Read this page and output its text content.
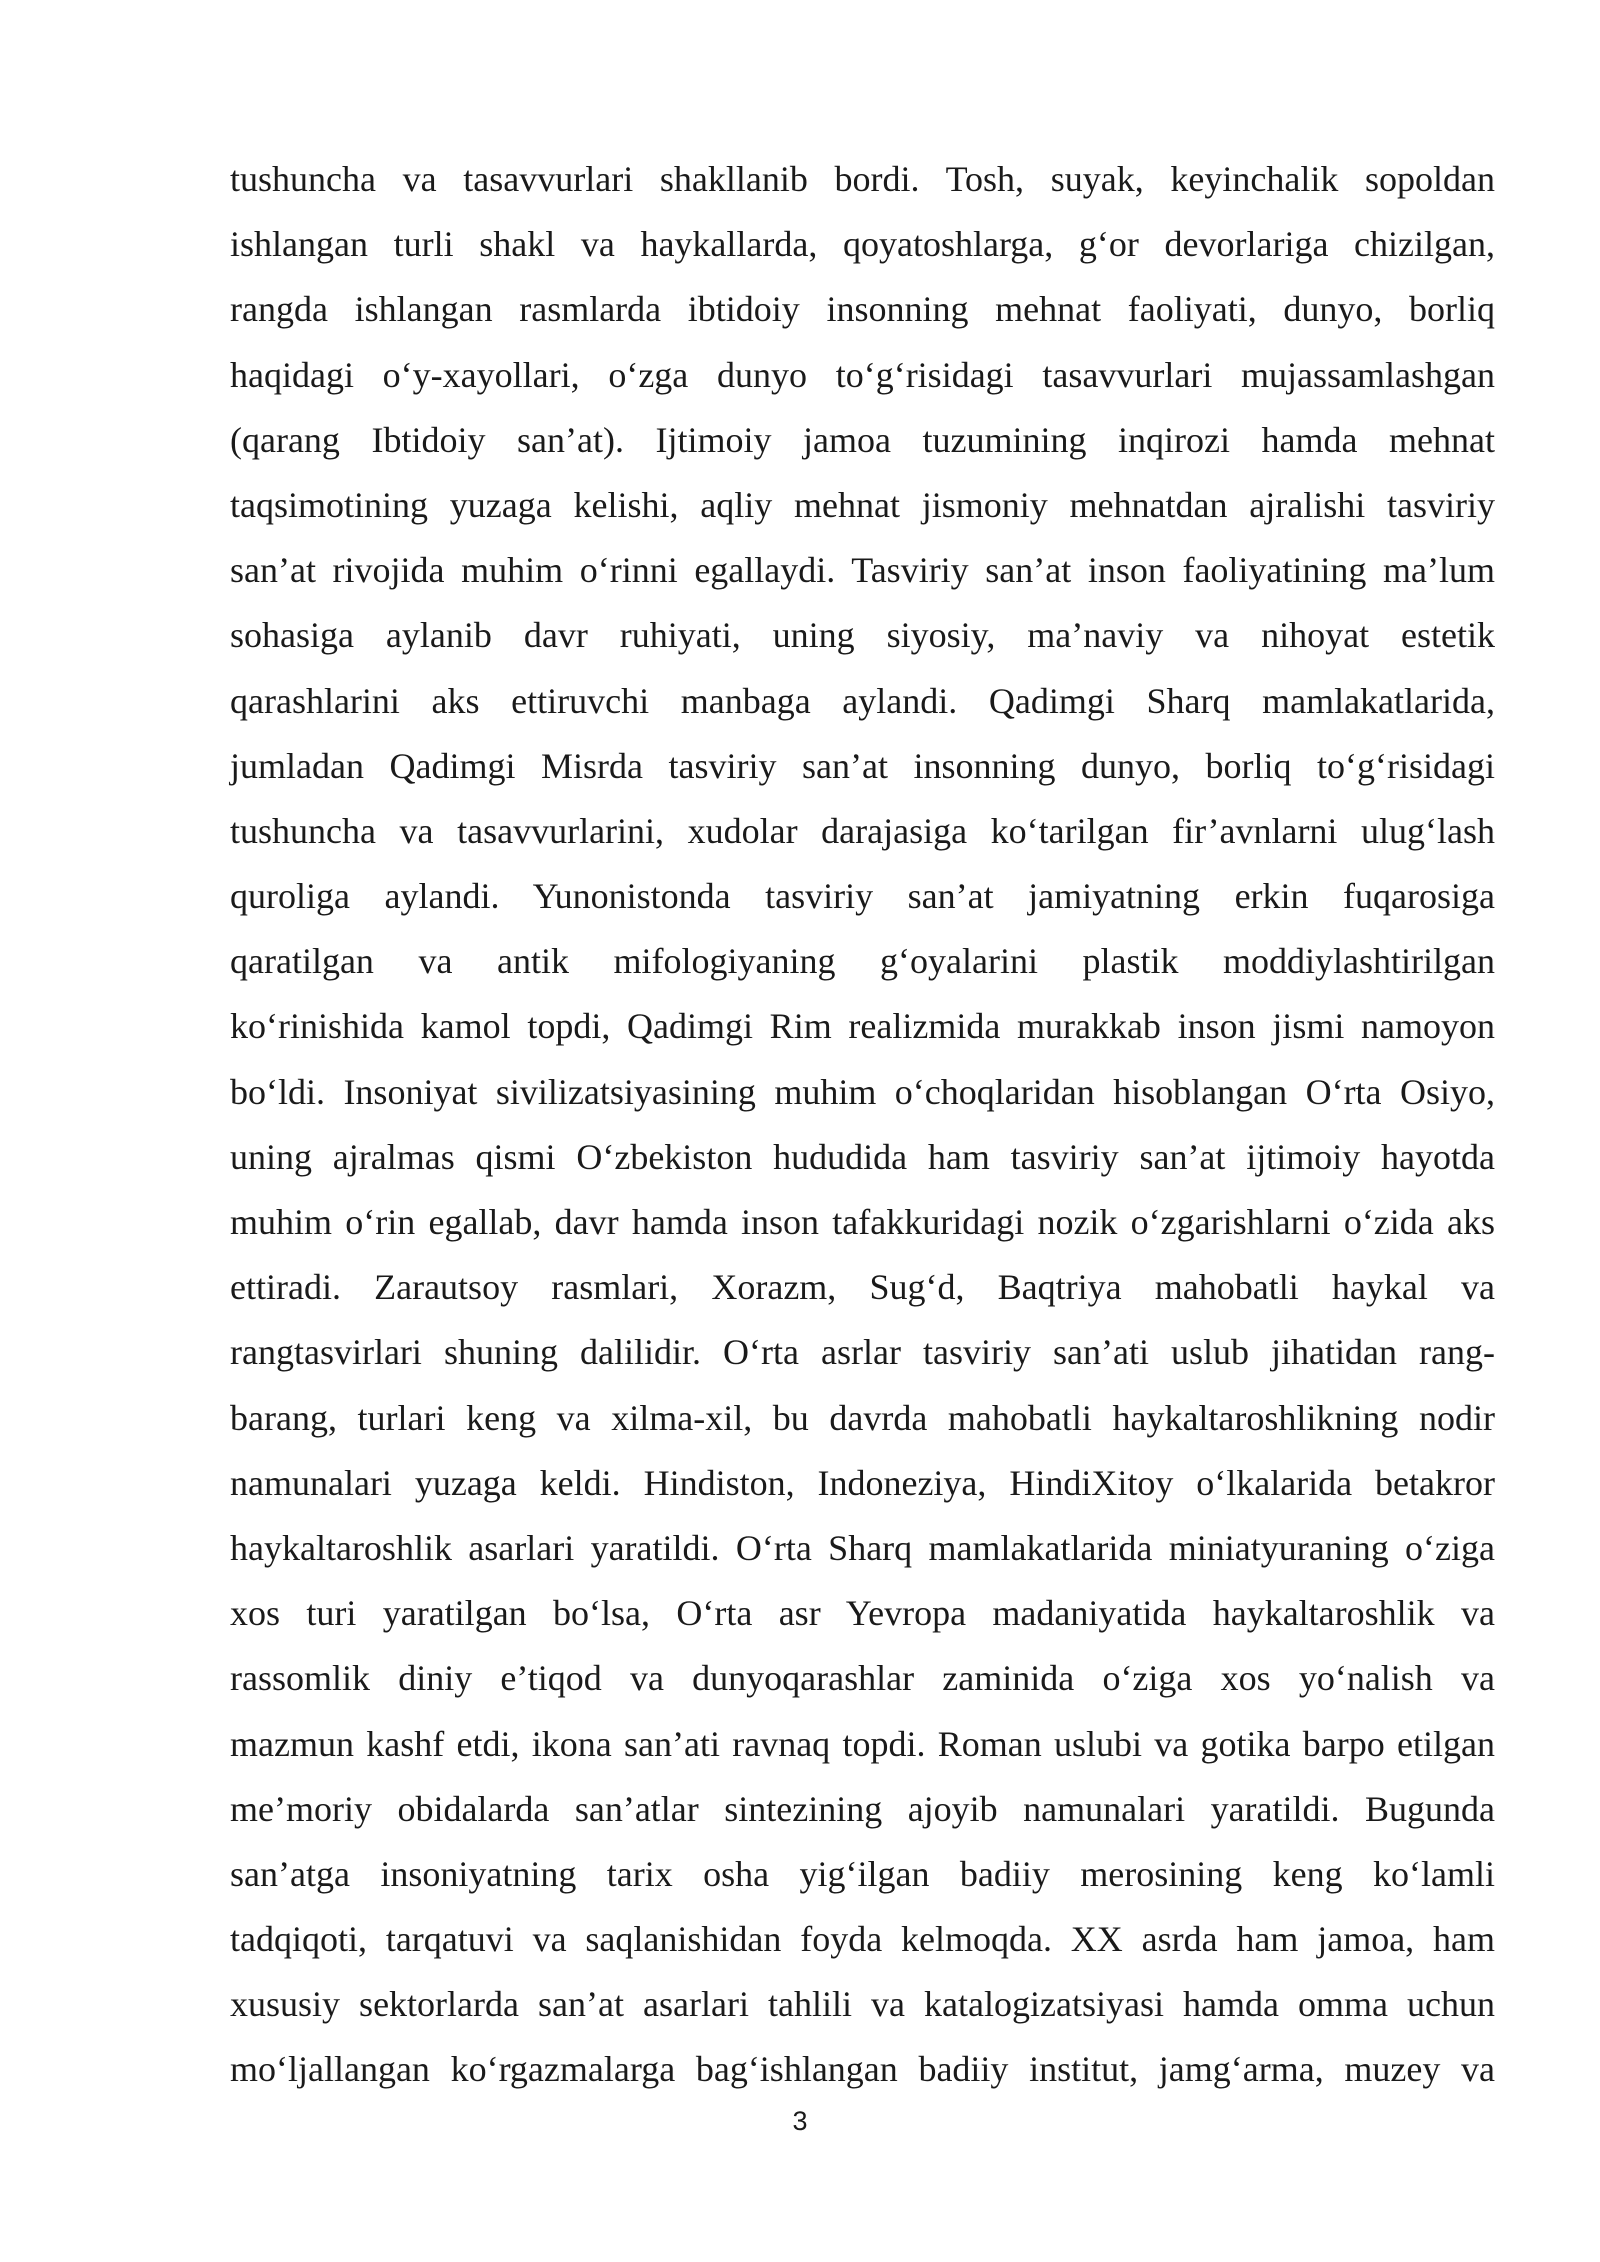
tushuncha va tasavvurlari shakllanib bordi. Tosh, suyak, keyinchalik sopoldan
ishlangan turli shakl va haykallarda, qoyatoshlarga, g‘or devorlariga chizilgan,
rangda ishlangan rasmlarda ibtidoiy insonning mehnat faoliyati, dunyo, borliq
haqidagi o‘y-xayollari, o‘zga dunyo to‘g‘risidagi tasavvurlari mujassamlashgan
(qarang Ibtidoiy san’at). Ijtimoiy jamoa tuzumining inqirozi hamda mehnat
taqsimotining yuzaga kelishi, aqliy mehnat jismoniy mehnatdan ajralishi tasviriy
san’at rivojida muhim o‘rinni egallaydi. Tasviriy san’at inson faoliyatining ma’lum
sohasiga aylanib davr ruhiyati, uning siyosiy, ma’naviy va nihoyat estetik
qarashlarini aks ettiruvchi manbaga aylandi. Qadimgi Sharq mamlakatlarida,
jumladan Qadimgi Misrda tasviriy san’at insonning dunyo, borliq to‘g‘risidagi
tushuncha va tasavvurlarini, xudolar darajasiga ko‘tarilgan fir’avnlarni ulug‘lash
quroliga aylandi. Yunonistonda tasviriy san’at jamiyatning erkin fuqarosiga
qaratilgan va antik mifologiyaning g‘oyalarini plastik moddiylashtirilgan
ko‘rinishida kamol topdi, Qadimgi Rim realizmida murakkab inson jismi namoyon
bo‘ldi. Insoniyat sivilizatsiyasining muhim o‘choqlaridan hisoblangan O‘rta Osiyo,
uning ajralmas qismi O‘zbekiston hududida ham tasviriy san’at ijtimoiy hayotda
muhim o‘rin egallab, davr hamda inson tafakkuridagi nozik o‘zgarishlarni o‘zida aks
ettiradi. Zarautsoy rasmlari, Xorazm, Sug‘d, Baqtriya mahobatli haykal va
rangtasvirlari shuning dalilidir. O‘rta asrlar tasviriy san’ati uslub jihatidan rang-
barang, turlari keng va xilma-xil, bu davrda mahobatli haykaltaroshlikning nodir
namunalari yuzaga keldi. Hindiston, Indoneziya, HindiXitoy o‘lkalarida betakror
haykaltaroshlik asarlari yaratildi. O‘rta Sharq mamlakatlarida miniatyuraning o‘ziga
xos turi yaratilgan bo‘lsa, O‘rta asr Yevropa madaniyatida haykaltaroshlik va
rassomlik diniy e’tiqod va dunyoqarashlar zaminida o‘ziga xos yo‘nalish va
mazmun kashf etdi, ikona san’ati ravnaq topdi. Roman uslubi va gotika barpo etilgan
me’moriy obidalarda san’atlar sintezining ajoyib namunalari yaratildi. Bugunda
san’atga insoniyatning tarix osha yig‘ilgan badiiy merosining keng ko‘lamli
tadqiqoti, tarqatuvi va saqlanishidan foyda kelmoqda. XX asrda ham jamoa, ham
xususiy sektorlarda san’at asarlari tahlili va katalogizatsiyasi hamda omma uchun
mo‘ljallangan ko‘rgazmalarga bag‘ishlangan badiiy institut, jamg‘arma, muzey va
3
